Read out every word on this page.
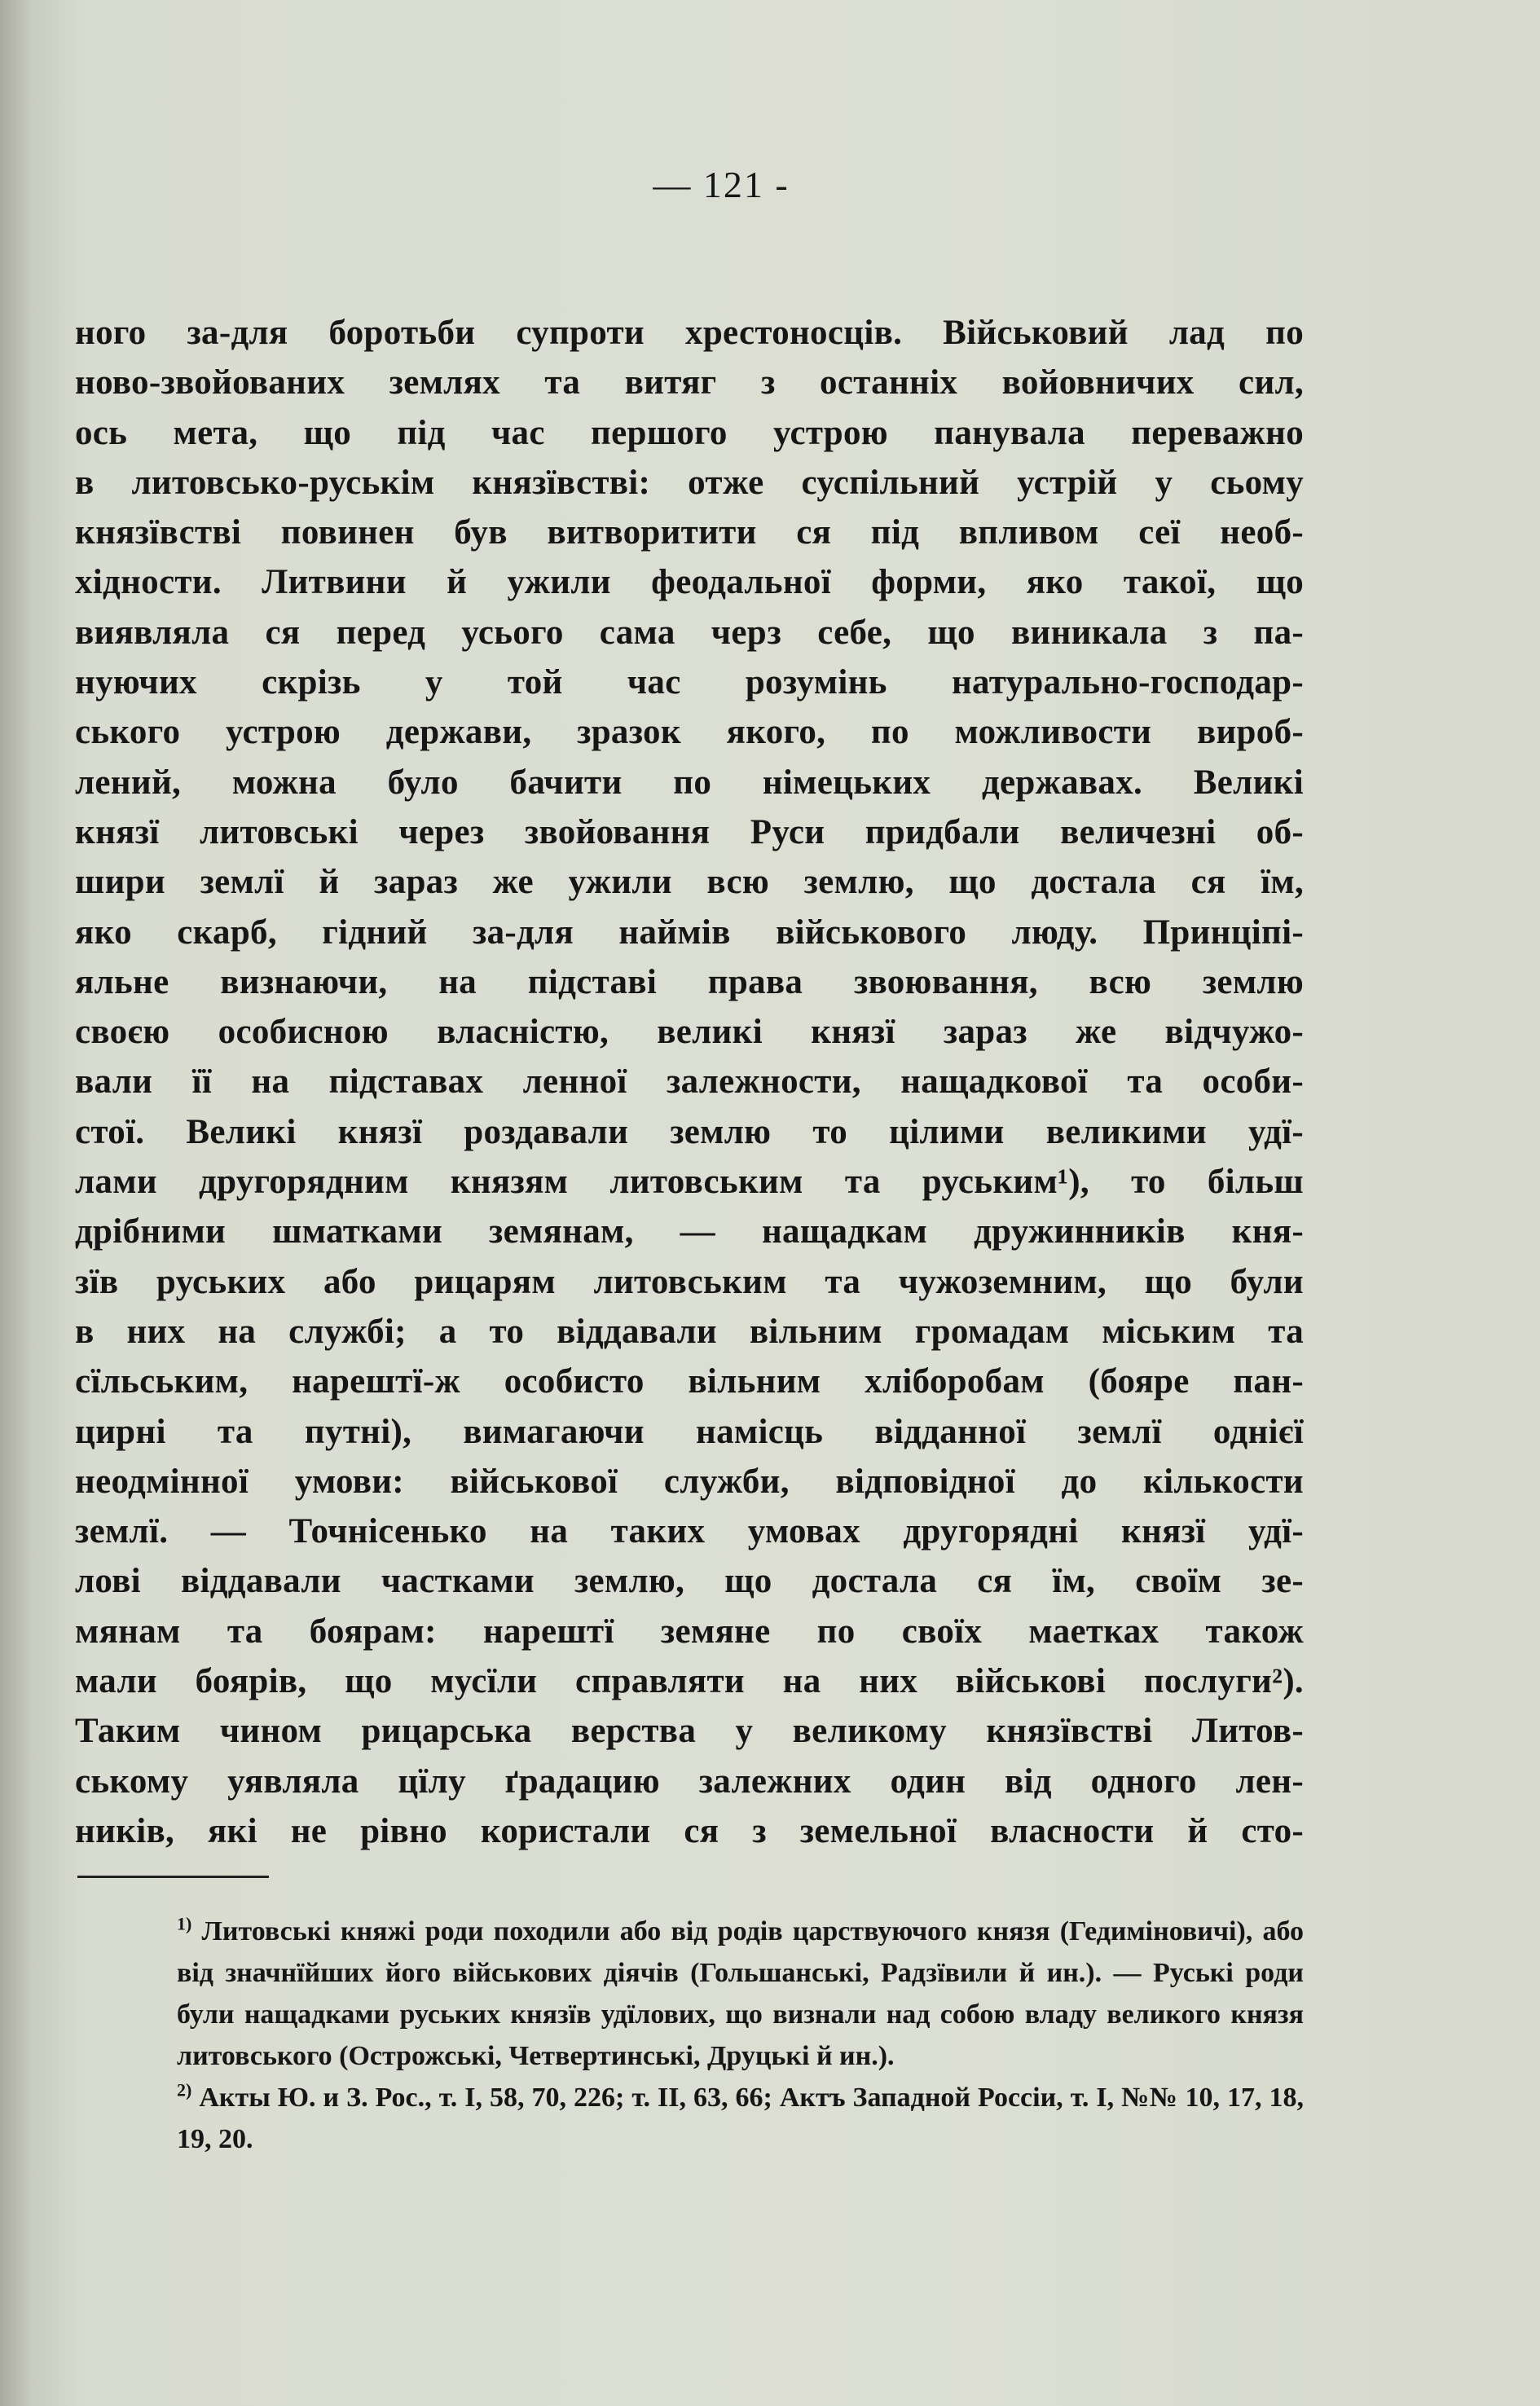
— 121 -
ного за-для боротьби супроти хрестоносців. Військовий лад по
ново-звойованих землях та витяг з останніх войовничих сил,
ось мета, що під час першого устрою панувала переважно
в литовсько-руськім князївстві: отже суспільний устрій у сьому
князївстві повинен був витворитити ся під впливом сеї необ-
хідности. Литвини й ужили феодальної форми, яко такої, що
виявляла ся перед усього сама черз себе, що виникала з па-
нуючих скрізь у той час розумінь натурально-господар-
ського устрою держави, зразок якого, по можливости вироб-
лений, можна було бачити по німецьких державах. Великі
князї литовські через звойовання Руси придбали величезні об-
шири землї й зараз же ужили всю землю, що достала ся їм,
яко скарб, гідний за-для наймів військового люду. Принціпі-
яльне визнаючи, на підставі права звоювання, всю землю
своєю особисною власністю, великі князї зараз же відчужо-
вали її на підставах ленної залежности, нащадкової та особи-
стої. Великі князї роздавали землю то цілими великими удї-
лами другорядним князям литовським та руським¹), то більш
дрібними шматками земянам, — нащадкам дружинників кня-
зїв руських або рицарям литовським та чужоземним, що були
в них на службі; а то віддавали вільним громадам міським та
сїльським, нарештї-ж особисто вільним хліборобам (бояре пан-
цирні та путні), вимагаючи намісць відданної землї однієї
неодмінної умови: військової служби, відповідної до кількости
землї. — Точнісенько на таких умовах другорядні князї удї-
лові віддавали частками землю, що достала ся їм, своїм зе-
мянам та боярам: нарештї земяне по своїх маетках також
мали боярів, що мусїли справляти на них військові послуги²).
Таким чином рицарська верства у великому князївстві Литов-
ському уявляла цїлу ґрадацию залежних один від одного лен-
ників, які не рівно користали ся з земельної власности й сто-

$^{1)}$ Литовські княжі роди походили або від родів царствуючого князя (Гедиміновичі), або від значнїйших його військових діячів (Гольшанські, Радзївили й ин.). — Руські роди були нащадками руських князїв удїлових, що визнали над собою владу великого князя литовського (Острожські, Четвертинські, Друцькі й ин.).

$^{2)}$ Акты Ю. и З. Рос., т. I, 58, 70, 226; т. II, 63, 66; Актъ Западной Россiи, т. I, №№ 10, 17, 18, 19, 20.
